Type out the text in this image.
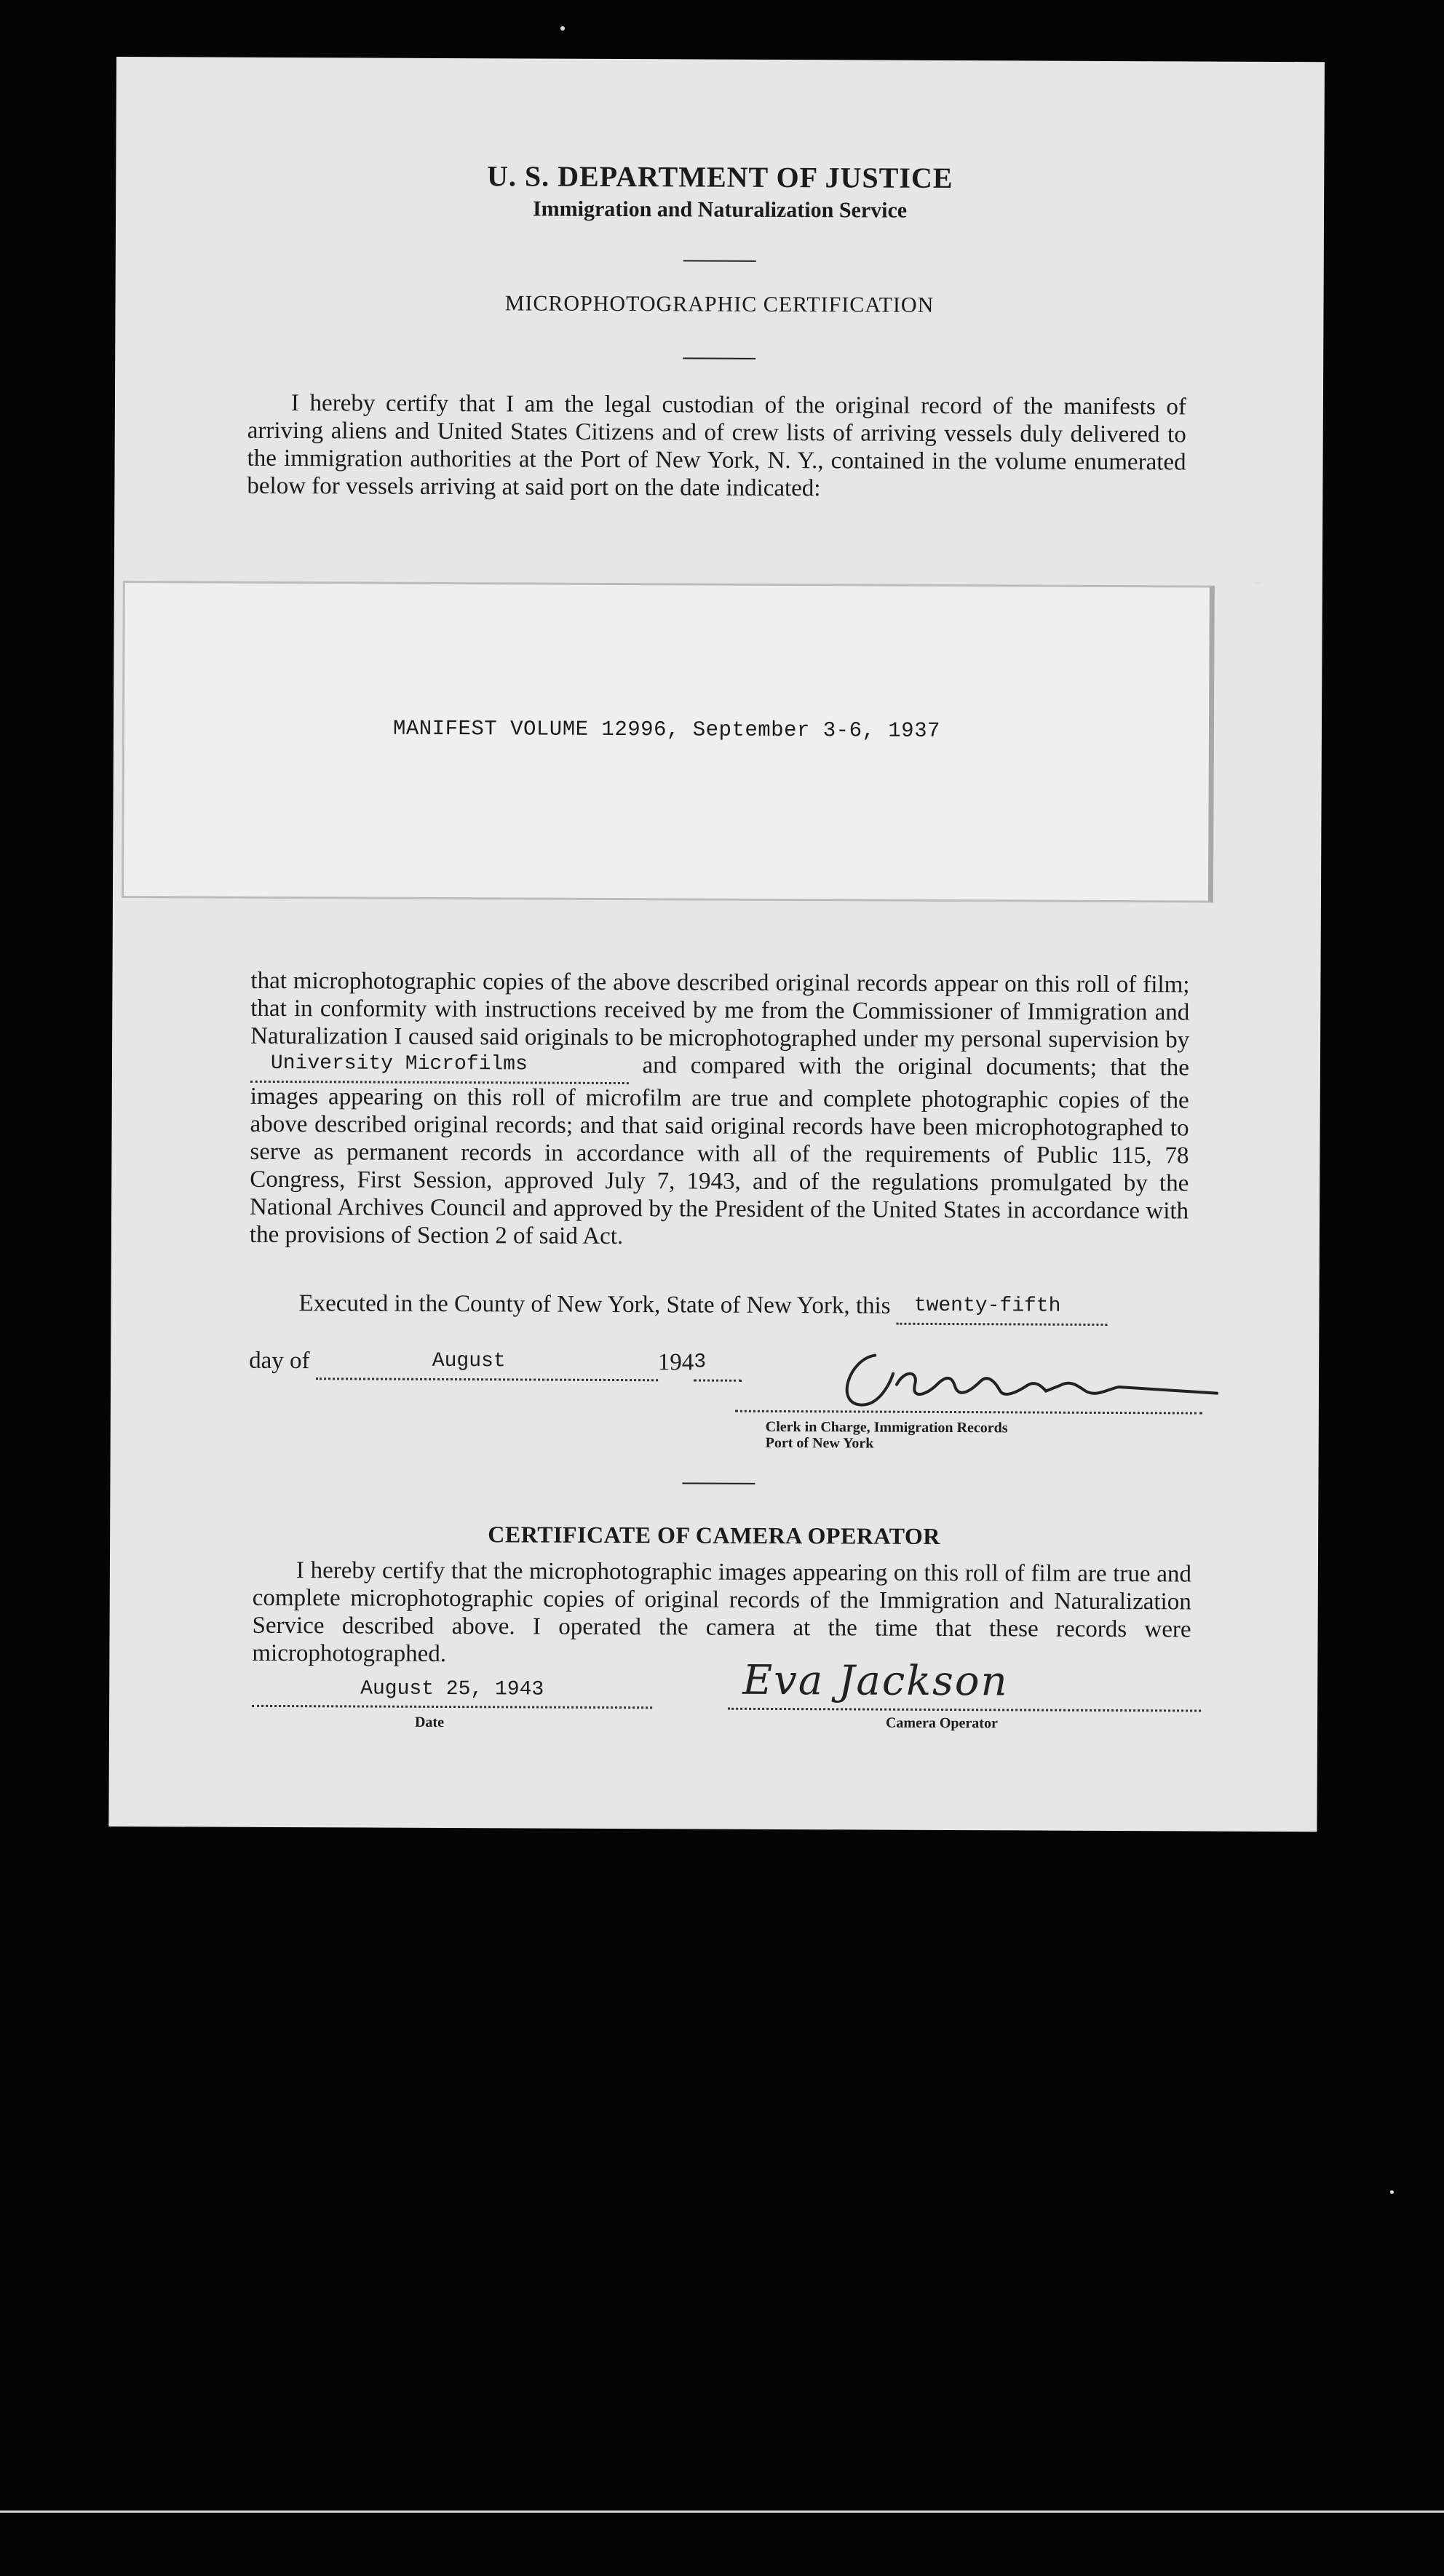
U. S. DEPARTMENT OF JUSTICE
Immigration and Naturalization Service
MICROPHOTOGRAPHIC CERTIFICATION
I hereby certify that I am the legal custodian of the original record of the manifests of arriving aliens and United States Citizens and of crew lists of arriving vessels duly delivered to the immigration authorities at the Port of New York, N. Y., contained in the volume enumerated below for vessels arriving at said port on the date indicated:
MANIFEST VOLUME 12996, September 3-6, 1937
that microphotographic copies of the above described original records appear on this roll of film; that in conformity with instructions received by me from the Commissioner of Immigration and Naturalization I caused said originals to be microphotographed under my personal supervision by University Microfilms	and compared with the original documents; that the images appearing on this roll of microfilm are true and complete photographic copies of the above described original records; and that said original records have been microphotographed to serve as permanent records in accordance with all of the requirements of Public 115, 78 Congress, First Session, approved July 7, 1943, and of the regulations promulgated by the National Archives Council and approved by the President of the United States in accordance with the provisions of Section 2 of said Act.
Executed in the County of New York, State of New York, this twenty-fifth
day of	August	1943
Clerk in Charge, Immigration Records
Port of New York
CERTIFICATE OF CAMERA OPERATOR
I hereby certify that the microphotographic images appearing on this roll of film are true and complete microphotographic copies of original records of the Immigration and Naturalization Service described above. I operated the camera at the time that these records were microphotographed.
August 25, 1943
Date
Eva Jackson
Camera Operator
